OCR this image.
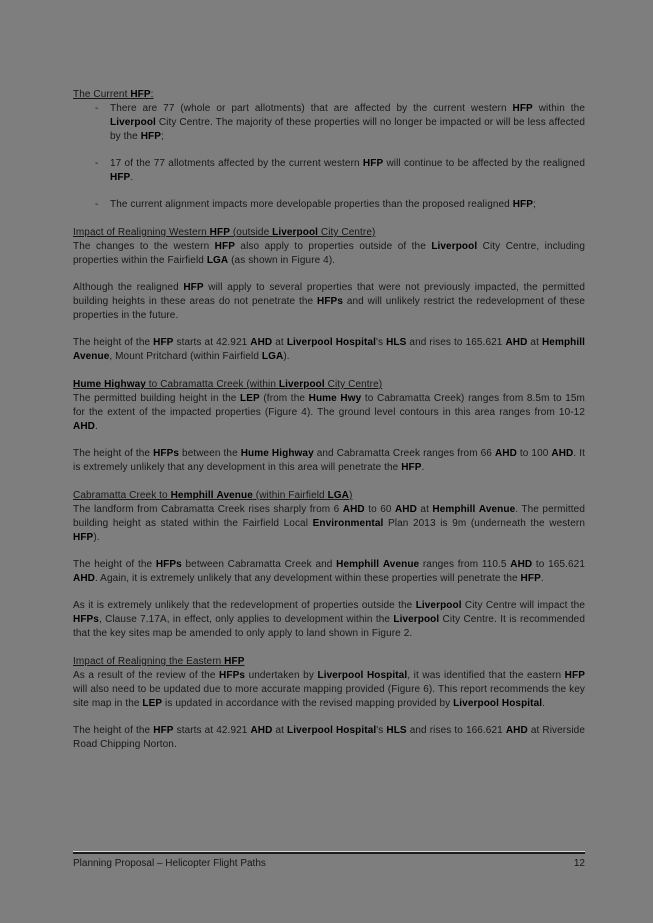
The Current HFP:
- There are 77 (whole or part allotments) that are affected by the current western HFP within the Liverpool City Centre. The majority of these properties will no longer be impacted or will be less affected by the HFP;
- 17 of the 77 allotments affected by the current western HFP will continue to be affected by the realigned HFP.
- The current alignment impacts more developable properties than the proposed realigned HFP;
Impact of Realigning Western HFP (outside Liverpool City Centre)

The changes to the western HFP also apply to properties outside of the Liverpool City Centre, including properties within the Fairfield LGA (as shown in Figure 4).

Although the realigned HFP will apply to several properties that were not previously impacted, the permitted building heights in these areas do not penetrate the HFPs and will unlikely restrict the redevelopment of these properties in the future.

The height of the HFP starts at 42.921 AHD at Liverpool Hospital's HLS and rises to 165.621 AHD at Hemphill Avenue, Mount Pritchard (within Fairfield LGA).

Hume Highway to Cabramatta Creek (within Liverpool City Centre)

The permitted building height in the LEP (from the Hume Hwy to Cabramatta Creek) ranges from 8.5m to 15m for the extent of the impacted properties (Figure 4). The ground level contours in this area ranges from 10-12 AHD.

The height of the HFPs between the Hume Highway and Cabramatta Creek ranges from 66 AHD to 100 AHD. It is extremely unlikely that any development in this area will penetrate the HFP.

Cabramatta Creek to Hemphill Avenue (within Fairfield LGA)

The landform from Cabramatta Creek rises sharply from 6 AHD to 60 AHD at Hemphill Avenue. The permitted building height as stated within the Fairfield Local Environmental Plan 2013 is 9m (underneath the western HFP).

The height of the HFPs between Cabramatta Creek and Hemphill Avenue ranges from 110.5 AHD to 165.621 AHD. Again, it is extremely unlikely that any development within these properties will penetrate the HFP.

As it is extremely unlikely that the redevelopment of properties outside the Liverpool City Centre will impact the HFPs, Clause 7.17A, in effect, only applies to development within the Liverpool City Centre. It is recommended that the key sites map be amended to only apply to land shown in Figure 2.

Impact of Realigning the Eastern HFP

As a result of the review of the HFPs undertaken by Liverpool Hospital, it was identified that the eastern HFP will also need to be updated due to more accurate mapping provided (Figure 6). This report recommends the key site map in the LEP is updated in accordance with the revised mapping provided by Liverpool Hospital.

The height of the HFP starts at 42.921 AHD at Liverpool Hospital's HLS and rises to 166.621 AHD at Riverside Road Chipping Norton.

Planning Proposal – Helicopter Flight Paths	12
